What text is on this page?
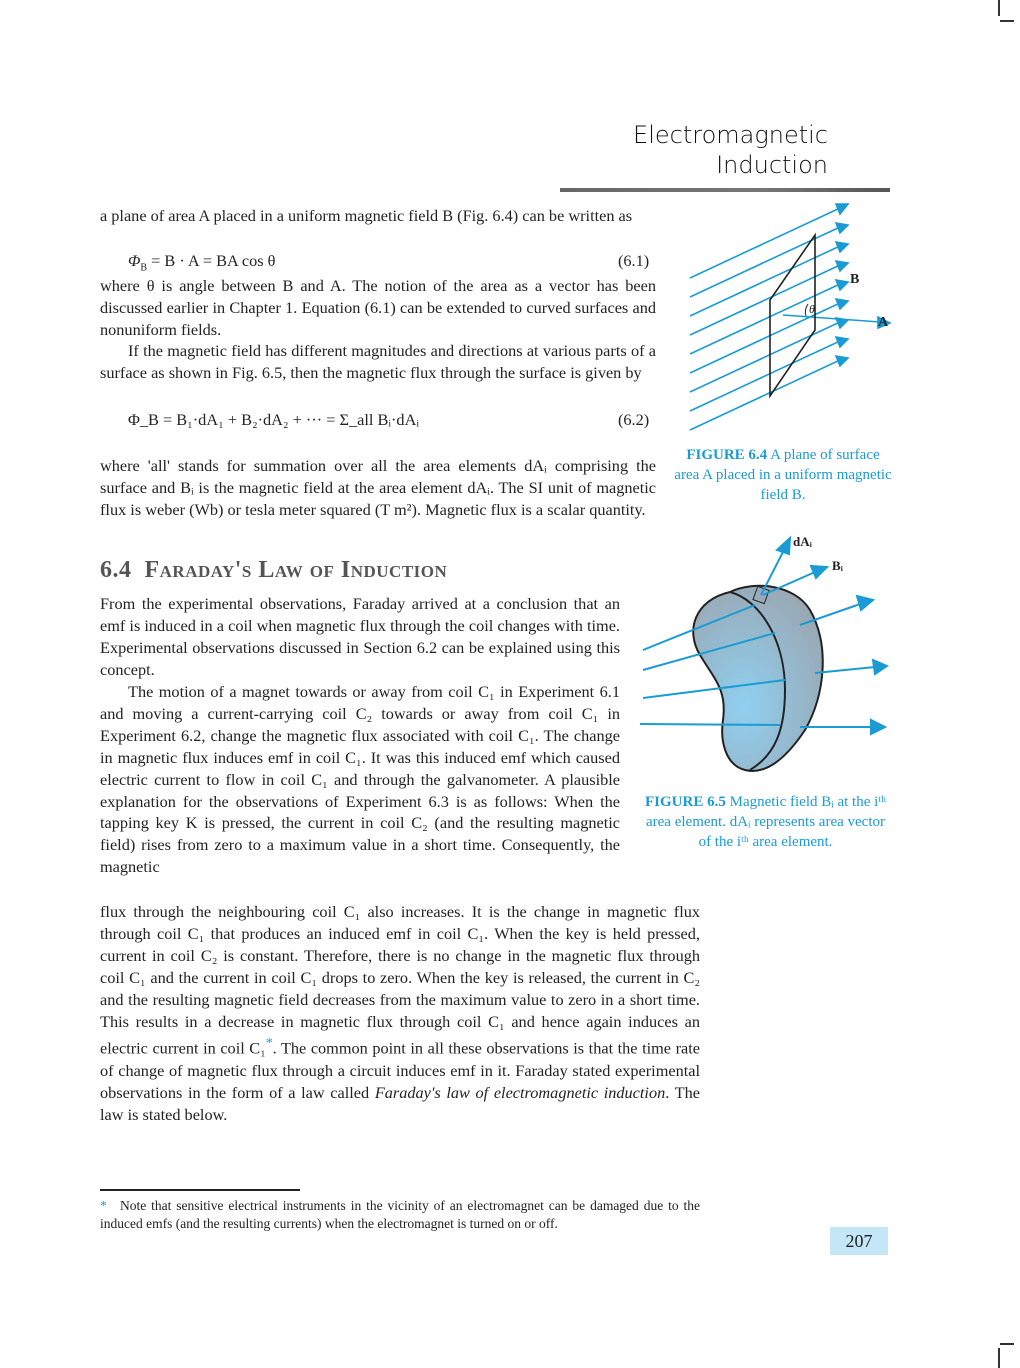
Electromagnetic
Induction

a plane of area A placed in a uniform magnetic field B (Fig. 6.4) can be written as

$\Phi_B = B \cdot A$ = BA cos θ	(6.1)

where θ is angle between B and A. The notion of the area as a vector has been discussed earlier in Chapter 1. Equation (6.1) can be extended to curved surfaces and nonuniform fields.

If the magnetic field has different magnitudes and directions at various parts of a surface as shown in Fig. 6.5, then the magnetic flux through the surface is given by

Φ_B = B₁·dA₁ + B₂·dA₂ + ··· = Σ_all Bᵢ·dAᵢ	(6.2)

where 'all' stands for summation over all the area elements dAᵢ comprising the surface and Bᵢ is the magnetic field at the area element dAᵢ. The SI unit of magnetic flux is weber (Wb) or tesla meter squared (T m²). Magnetic flux is a scalar quantity.

B
A
θ
FIGURE 6.4 A plane of surface area A placed in a uniform magnetic field B.
6.4 Faraday's Law of Induction

From the experimental observations, Faraday arrived at a conclusion that an emf is induced in a coil when magnetic flux through the coil changes with time. Experimental observations discussed in Section 6.2 can be explained using this concept.

The motion of a magnet towards or away from coil C₁ in Experiment 6.1 and moving a current-carrying coil C₂ towards or away from coil C₁ in Experiment 6.2, change the magnetic flux associated with coil C₁. The change in magnetic flux induces emf in coil C₁. It was this induced emf which caused electric current to flow in coil C₁ and through the galvanometer. A plausible explanation for the observations of Experiment 6.3 is as follows: When the tapping key K is pressed, the current in coil C₂ (and the resulting magnetic field) rises from zero to a maximum value in a short time. Consequently, the magnetic

flux through the neighbouring coil C₁ also increases. It is the change in magnetic flux through coil C₁ that produces an induced emf in coil C₁. When the key is held pressed, current in coil C₂ is constant. Therefore, there is no change in the magnetic flux through coil C₁ and the current in coil C₁ drops to zero. When the key is released, the current in C₂ and the resulting magnetic field decreases from the maximum value to zero in a short time. This results in a decrease in magnetic flux through coil C₁ and hence again induces an electric current in coil C₁*. The common point in all these observations is that the time rate of change of magnetic flux through a circuit induces emf in it. Faraday stated experimental observations in the form of a law called Faraday's law of electromagnetic induction. The law is stated below.

dAᵢ
Bᵢ
FIGURE 6.5 Magnetic field Bᵢ at the iᵗʰ area element. dAᵢ represents area vector of the iᵗʰ area element.
* Note that sensitive electrical instruments in the vicinity of an electromagnet can be damaged due to the induced emfs (and the resulting currents) when the electromagnet is turned on or off.
207
